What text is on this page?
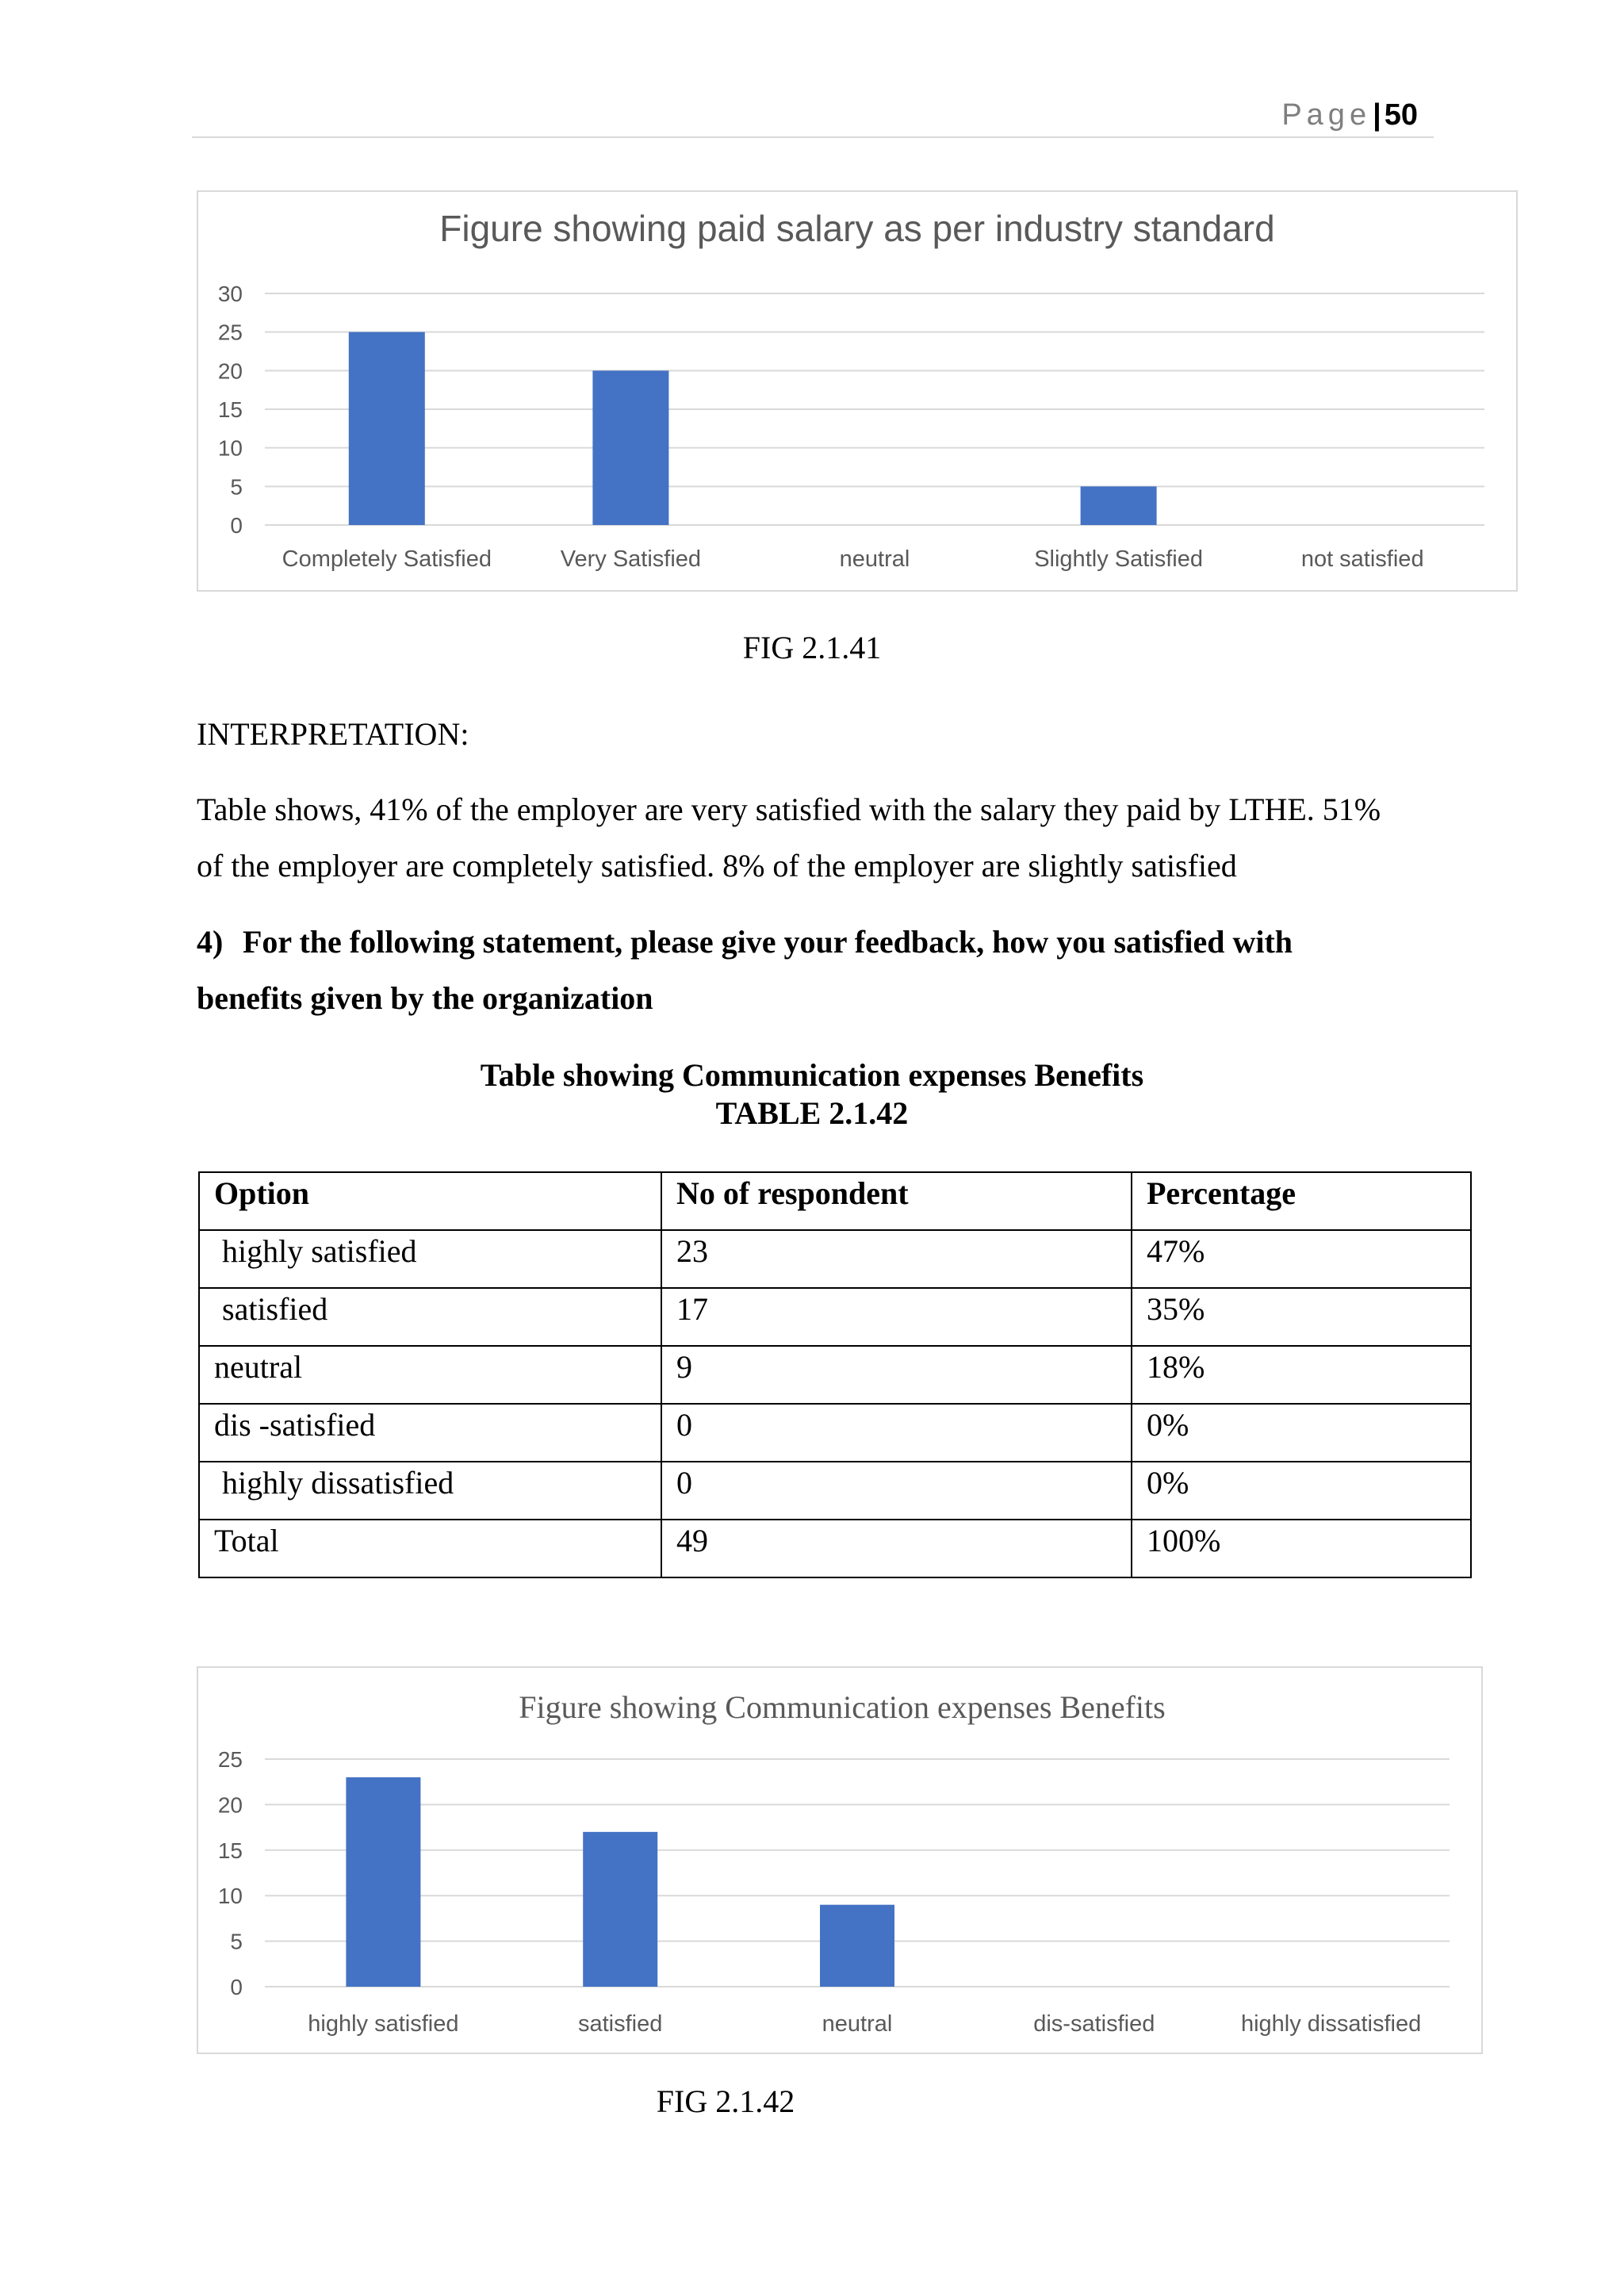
Page| 50
Figure showing paid salary as per industry standard
0
5
10
15
20
25
30
Completely Satisfied	Very Satisfied	neutral	Slightly Satisfied	not satisfied
FIG 2.1.41
INTERPRETATION:
Table shows, 41% of the employer are very satisfied with the salary they paid by LTHE. 51%
of the employer are completely satisfied. 8% of the employer are slightly satisfied
4) For the following statement, please give your feedback, how you satisfied with
benefits given by the organization
Table showing Communication expenses Benefits
TABLE 2.1.42
Option	No of respondent	Percentage
highly satisfied	23	47%
satisfied	17	35%
neutral	9	18%
dis -satisfied	0	0%
highly dissatisfied	0	0%
Total	49	100%
Figure showing Communication expenses Benefits
0
5
10
15
20
25
highly satisfied	satisfied	neutral	dis-satisfied	highly dissatisfied
FIG 2.1.42
